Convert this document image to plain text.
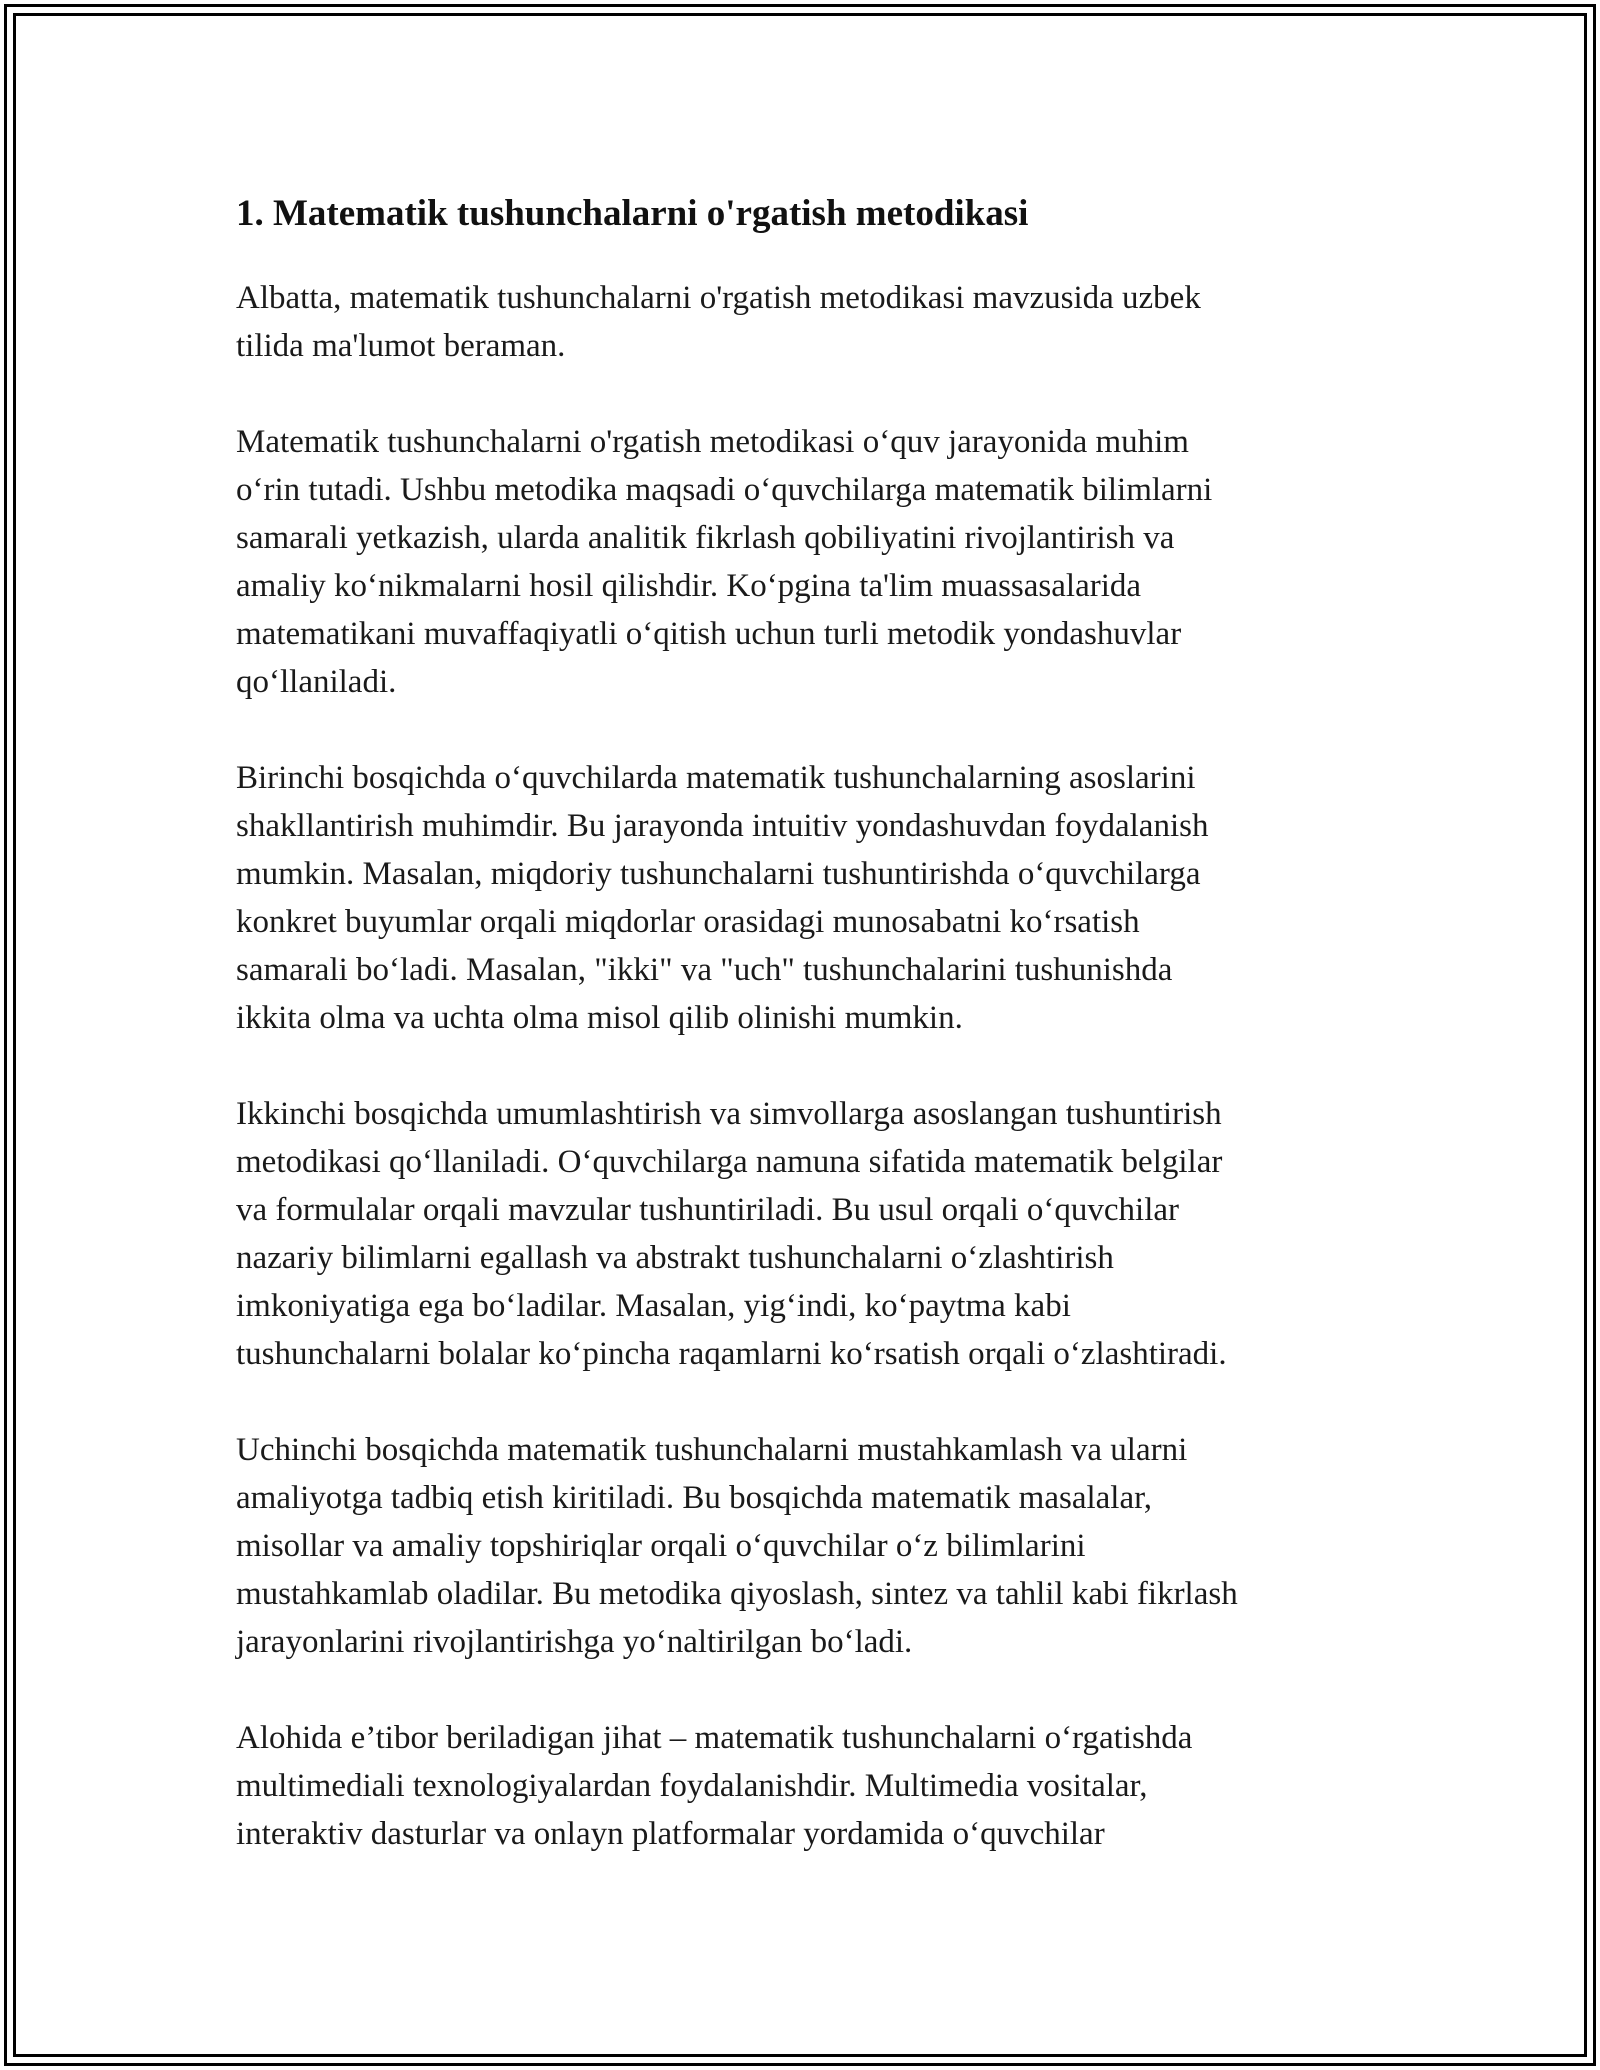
1. Matematik tushunchalarni o'rgatish metodikasi

Albatta, matematik tushunchalarni o'rgatish metodikasi mavzusida uzbek
tilida ma'lumot beraman.

Matematik tushunchalarni o'rgatish metodikasi o‘quv jarayonida muhim
o‘rin tutadi. Ushbu metodika maqsadi o‘quvchilarga matematik bilimlarni
samarali yetkazish, ularda analitik fikrlash qobiliyatini rivojlantirish va
amaliy ko‘nikmalarni hosil qilishdir. Ko‘pgina ta'lim muassasalarida
matematikani muvaffaqiyatli o‘qitish uchun turli metodik yondashuvlar
qo‘llaniladi.

Birinchi bosqichda o‘quvchilarda matematik tushunchalarning asoslarini
shakllantirish muhimdir. Bu jarayonda intuitiv yondashuvdan foydalanish
mumkin. Masalan, miqdoriy tushunchalarni tushuntirishda o‘quvchilarga
konkret buyumlar orqali miqdorlar orasidagi munosabatni ko‘rsatish
samarali bo‘ladi. Masalan, "ikki" va "uch" tushunchalarini tushunishda
ikkita olma va uchta olma misol qilib olinishi mumkin.

Ikkinchi bosqichda umumlashtirish va simvollarga asoslangan tushuntirish
metodikasi qo‘llaniladi. O‘quvchilarga namuna sifatida matematik belgilar
va formulalar orqali mavzular tushuntiriladi. Bu usul orqali o‘quvchilar
nazariy bilimlarni egallash va abstrakt tushunchalarni o‘zlashtirish
imkoniyatiga ega bo‘ladilar. Masalan, yig‘indi, ko‘paytma kabi
tushunchalarni bolalar ko‘pincha raqamlarni ko‘rsatish orqali o‘zlashtiradi.

Uchinchi bosqichda matematik tushunchalarni mustahkamlash va ularni
amaliyotga tadbiq etish kiritiladi. Bu bosqichda matematik masalalar,
misollar va amaliy topshiriqlar orqali o‘quvchilar o‘z bilimlarini
mustahkamlab oladilar. Bu metodika qiyoslash, sintez va tahlil kabi fikrlash
jarayonlarini rivojlantirishga yo‘naltirilgan bo‘ladi.

Alohida e’tibor beriladigan jihat – matematik tushunchalarni o‘rgatishda
multimediali texnologiyalardan foydalanishdir. Multimedia vositalar,
interaktiv dasturlar va onlayn platformalar yordamida o‘quvchilar
